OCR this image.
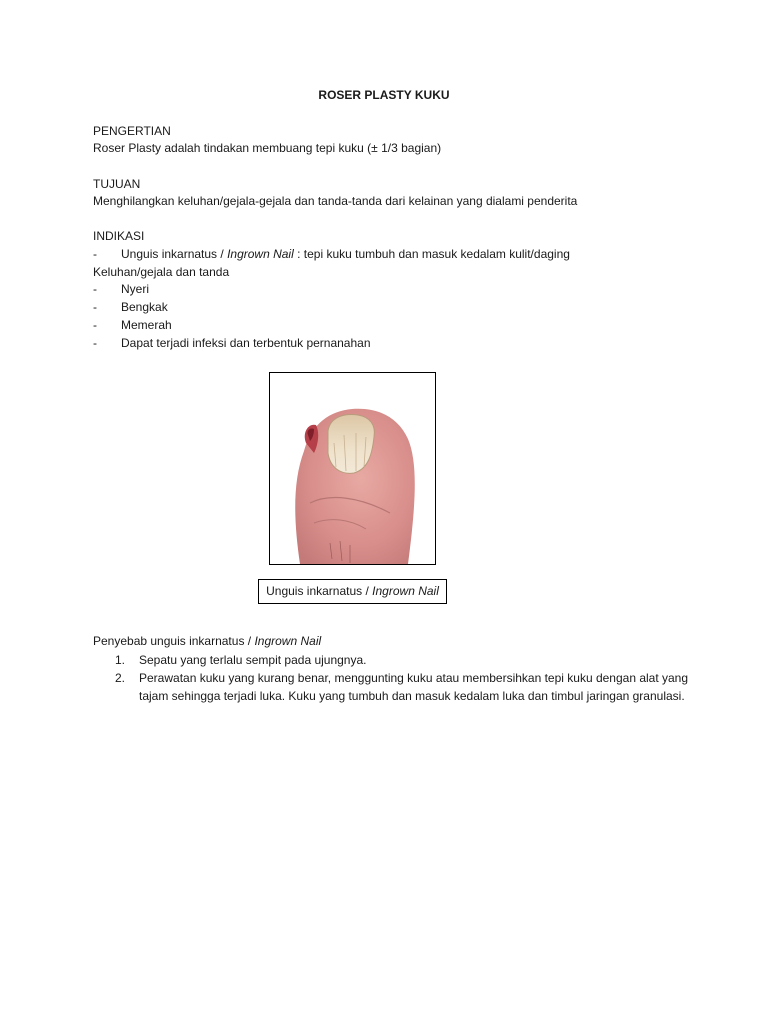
ROSER PLASTY KUKU
PENGERTIAN
Roser Plasty adalah tindakan membuang tepi kuku (± 1/3 bagian)
TUJUAN
Menghilangkan keluhan/gejala-gejala dan tanda-tanda dari kelainan yang dialami penderita
INDIKASI
- Unguis inkarnatus / Ingrown Nail : tepi kuku tumbuh dan masuk kedalam kulit/daging
Keluhan/gejala dan tanda
- Nyeri
- Bengkak
- Memerah
- Dapat terjadi infeksi dan terbentuk pernanahan
Unguis inkarnatus / Ingrown Nail
Penyebab unguis inkarnatus / Ingrown Nail
1. Sepatu yang terlalu sempit pada ujungnya.
2. Perawatan kuku yang kurang benar, menggunting kuku atau membersihkan tepi kuku dengan alat yang
tajam sehingga terjadi luka. Kuku yang tumbuh dan masuk kedalam luka dan timbul jaringan granulasi.
